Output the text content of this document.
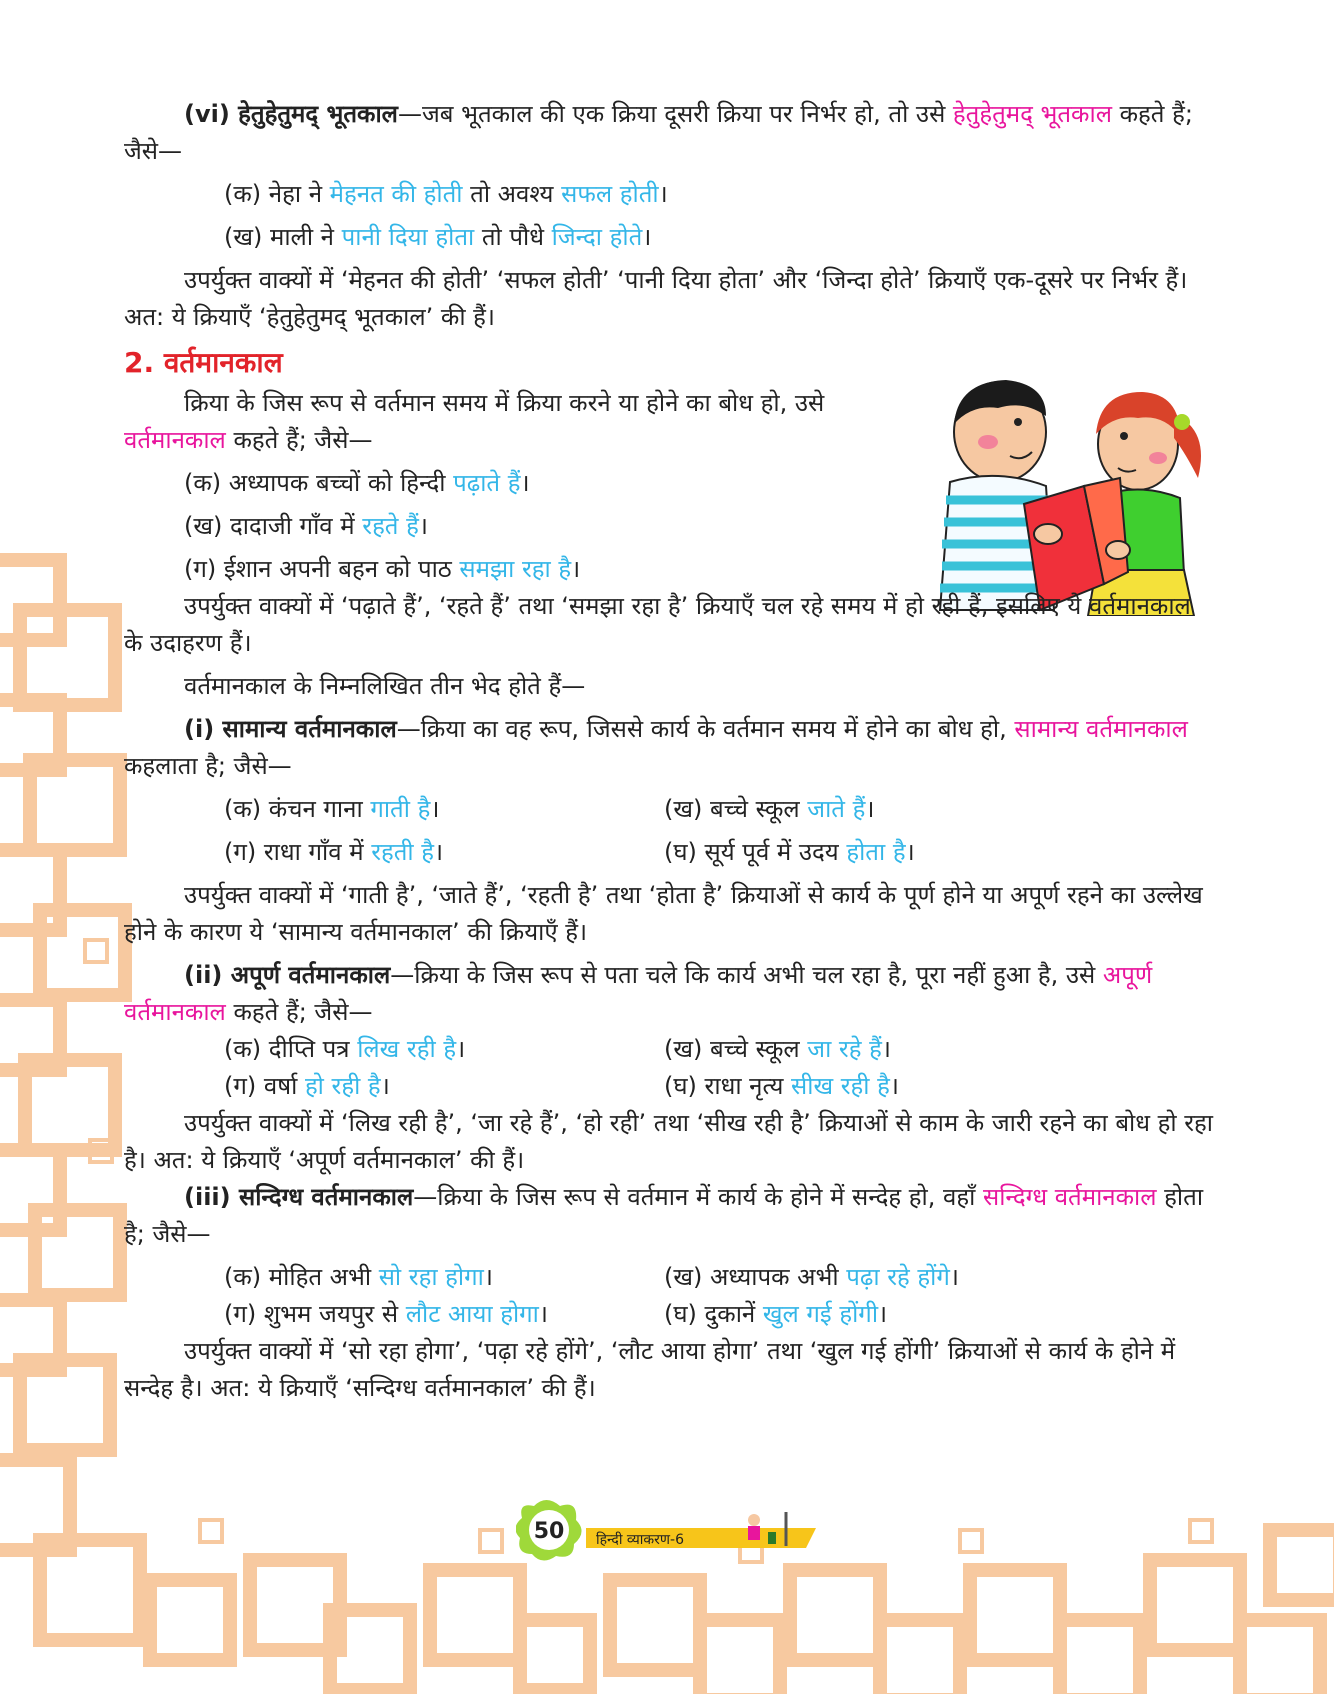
(vi) हेतुहेतुमद् भूतकाल—जब भूतकाल की एक क्रिया दूसरी क्रिया पर निर्भर हो, तो उसे हेतुहेतुमद् भूतकाल कहते हैं; जैसे—

(क) नेहा ने मेहनत की होती तो अवश्य सफल होती।

(ख) माली ने पानी दिया होता तो पौधे जिन्दा होते।

उपर्युक्त वाक्यों में ‘मेहनत की होती’ ‘सफल होती’ ‘पानी दिया होता’ और ‘जिन्दा होते’ क्रियाएँ एक-दूसरे पर निर्भर हैं। अत: ये क्रियाएँ ‘हेतुहेतुमद् भूतकाल’ की हैं।

2. वर्तमानकाल

क्रिया के जिस रूप से वर्तमान समय में क्रिया करने या होने का बोध हो, उसे वर्तमानकाल कहते हैं; जैसे—

(क) अध्यापक बच्चों को हिन्दी पढ़ाते हैं।

(ख) दादाजी गाँव में रहते हैं।

(ग) ईशान अपनी बहन को पाठ समझा रहा है।

उपर्युक्त वाक्यों में ‘पढ़ाते हैं’, ‘रहते हैं’ तथा ‘समझा रहा है’ क्रियाएँ चल रहे समय में हो रही हैं, इसलिए ये वर्तमानकाल के उदाहरण हैं।

वर्तमानकाल के निम्नलिखित तीन भेद होते हैं—

(i) सामान्य वर्तमानकाल—क्रिया का वह रूप, जिससे कार्य के वर्तमान समय में होने का बोध हो, सामान्य वर्तमानकाल कहलाता है; जैसे—

(क) कंचन गाना गाती है।	(ख) बच्चे स्कूल जाते हैं।

(ग) राधा गाँव में रहती है।	(घ) सूर्य पूर्व में उदय होता है।

उपर्युक्त वाक्यों में ‘गाती है’, ‘जाते हैं’, ‘रहती है’ तथा ‘होता है’ क्रियाओं से कार्य के पूर्ण होने या अपूर्ण रहने का उल्लेख होने के कारण ये ‘सामान्य वर्तमानकाल’ की क्रियाएँ हैं।

(ii) अपूर्ण वर्तमानकाल—क्रिया के जिस रूप से पता चले कि कार्य अभी चल रहा है, पूरा नहीं हुआ है, उसे अपूर्ण वर्तमानकाल कहते हैं; जैसे—

(क) दीप्ति पत्र लिख रही है।	(ख) बच्चे स्कूल जा रहे हैं।

(ग) वर्षा हो रही है।	(घ) राधा नृत्य सीख रही है।

उपर्युक्त वाक्यों में ‘लिख रही है’, ‘जा रहे हैं’, ‘हो रही’ तथा ‘सीख रही है’ क्रियाओं से काम के जारी रहने का बोध हो रहा है। अत: ये क्रियाएँ ‘अपूर्ण वर्तमानकाल’ की हैं।

(iii) सन्दिग्ध वर्तमानकाल—क्रिया के जिस रूप से वर्तमान में कार्य के होने में सन्देह हो, वहाँ सन्दिग्ध वर्तमानकाल होता है; जैसे—

(क) मोहित अभी सो रहा होगा।	(ख) अध्यापक अभी पढ़ा रहे होंगे।

(ग) शुभम जयपुर से लौट आया होगा।	(घ) दुकानें खुल गई होंगी।

उपर्युक्त वाक्यों में ‘सो रहा होगा’, ‘पढ़ा रहे होंगे’, ‘लौट आया होगा’ तथा ‘खुल गई होंगी’ क्रियाओं से कार्य के होने में सन्देह है। अत: ये क्रियाएँ ‘सन्दिग्ध वर्तमानकाल’ की हैं।

50 हिन्दी व्याकरण-6
